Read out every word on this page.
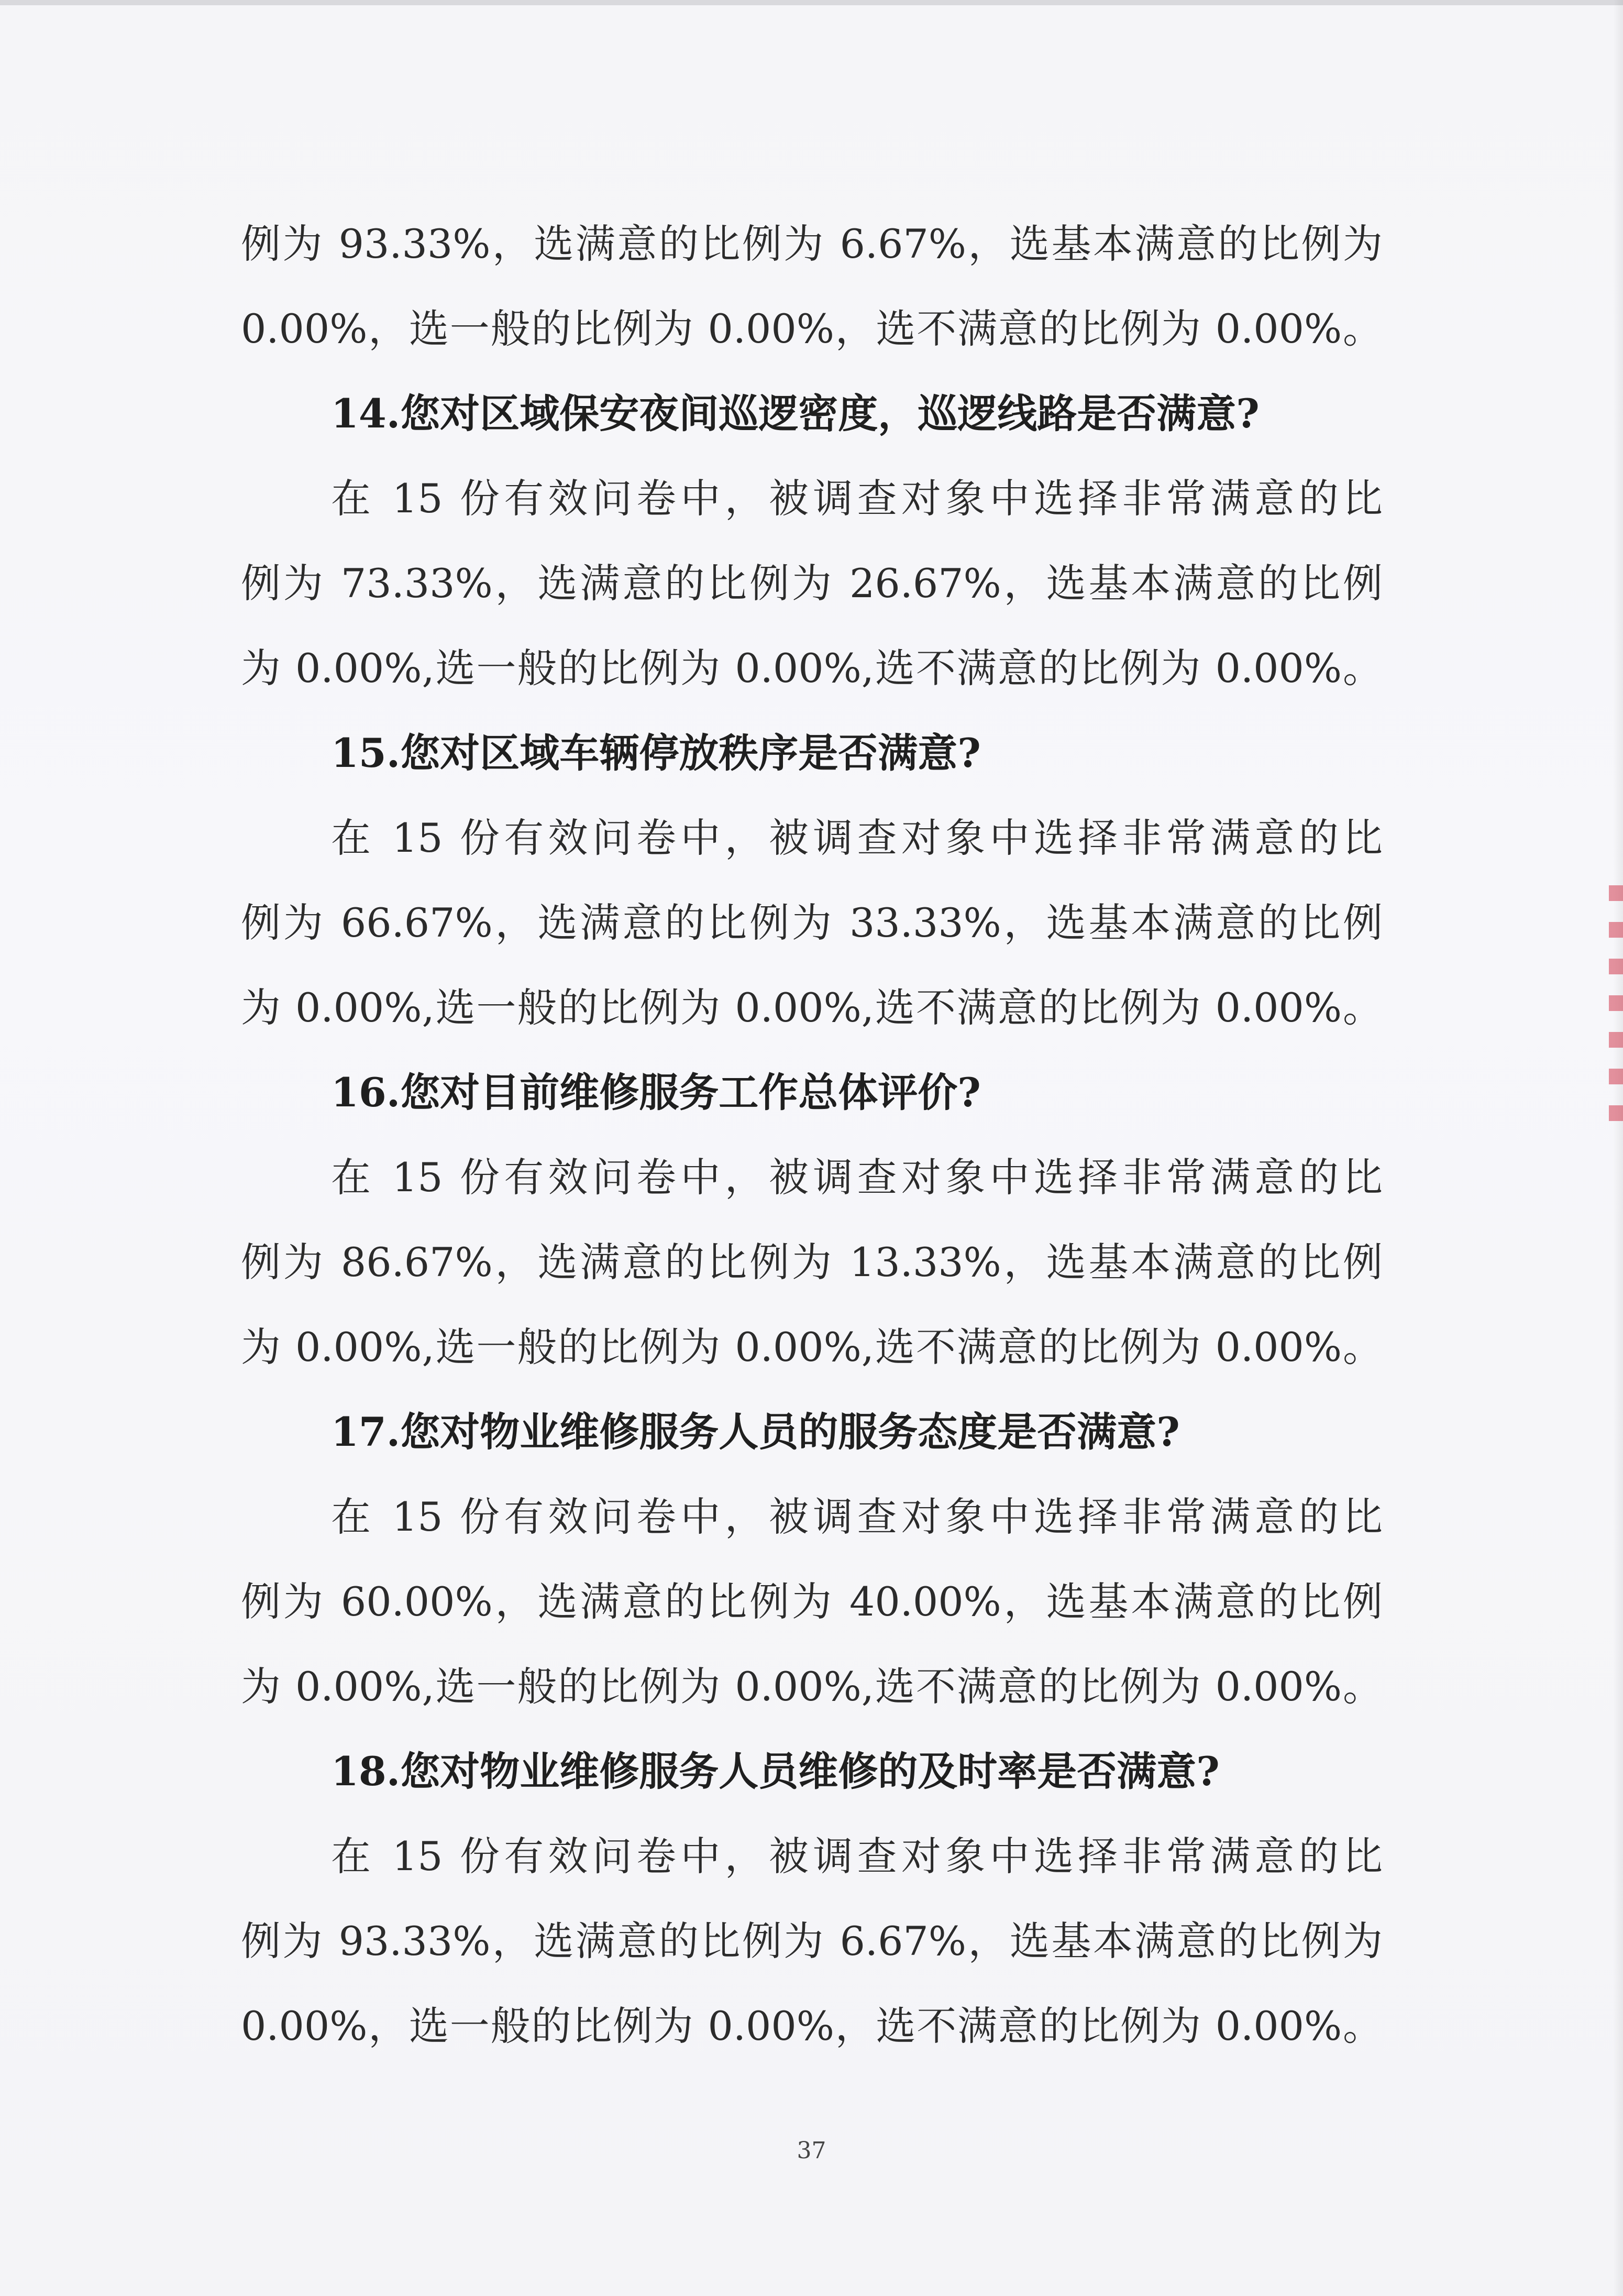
例为 93.33%，选满意的比例为 6.67%，选基本满意的比例为
0.00%，选一般的比例为 0.00%，选不满意的比例为 0.00%。
14.您对区域保安夜间巡逻密度，巡逻线路是否满意?
在 15 份有效问卷中，被调查对象中选择非常满意的比
例为 73.33%，选满意的比例为 26.67%，选基本满意的比例
为 0.00%,选一般的比例为 0.00%,选不满意的比例为 0.00%。
15.您对区域车辆停放秩序是否满意?
在 15 份有效问卷中，被调查对象中选择非常满意的比
例为 66.67%，选满意的比例为 33.33%，选基本满意的比例
为 0.00%,选一般的比例为 0.00%,选不满意的比例为 0.00%。
16.您对目前维修服务工作总体评价?
在 15 份有效问卷中，被调查对象中选择非常满意的比
例为 86.67%，选满意的比例为 13.33%，选基本满意的比例
为 0.00%,选一般的比例为 0.00%,选不满意的比例为 0.00%。
17.您对物业维修服务人员的服务态度是否满意?
在 15 份有效问卷中，被调查对象中选择非常满意的比
例为 60.00%，选满意的比例为 40.00%，选基本满意的比例
为 0.00%,选一般的比例为 0.00%,选不满意的比例为 0.00%。
18.您对物业维修服务人员维修的及时率是否满意?
在 15 份有效问卷中，被调查对象中选择非常满意的比
例为 93.33%，选满意的比例为 6.67%，选基本满意的比例为
0.00%，选一般的比例为 0.00%，选不满意的比例为 0.00%。
37
